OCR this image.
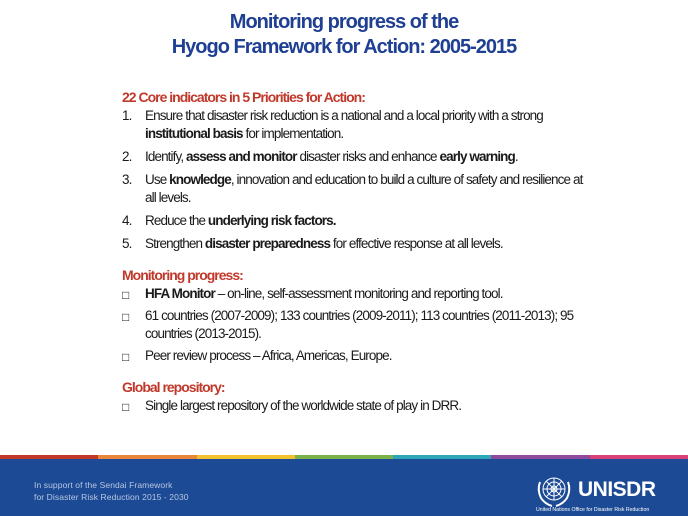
Monitoring progress of the
Hyogo Framework for Action: 2005-2015
22 Core indicators in 5 Priorities for Action:
1. Ensure that disaster risk reduction is a national and a local priority with a strong institutional basis for implementation.
2. Identify, assess and monitor disaster risks and enhance early warning.
3. Use knowledge, innovation and education to build a culture of safety and resilience at all levels.
4. Reduce the underlying risk factors.
5. Strengthen disaster preparedness for effective response at all levels.
Monitoring progress:
□ HFA Monitor – on-line, self-assessment monitoring and reporting tool.
□ 61 countries (2007-2009); 133 countries (2009-2011); 113 countries (2011-2013); 95 countries (2013-2015).
□ Peer review process – Africa, Americas, Europe.
Global repository:
□ Single largest repository of the worldwide state of play in DRR.
In support of the Sendai Framework
for Disaster Risk Reduction 2015 - 2030	UNISDR
United Nations Office for Disaster Risk Reduction
